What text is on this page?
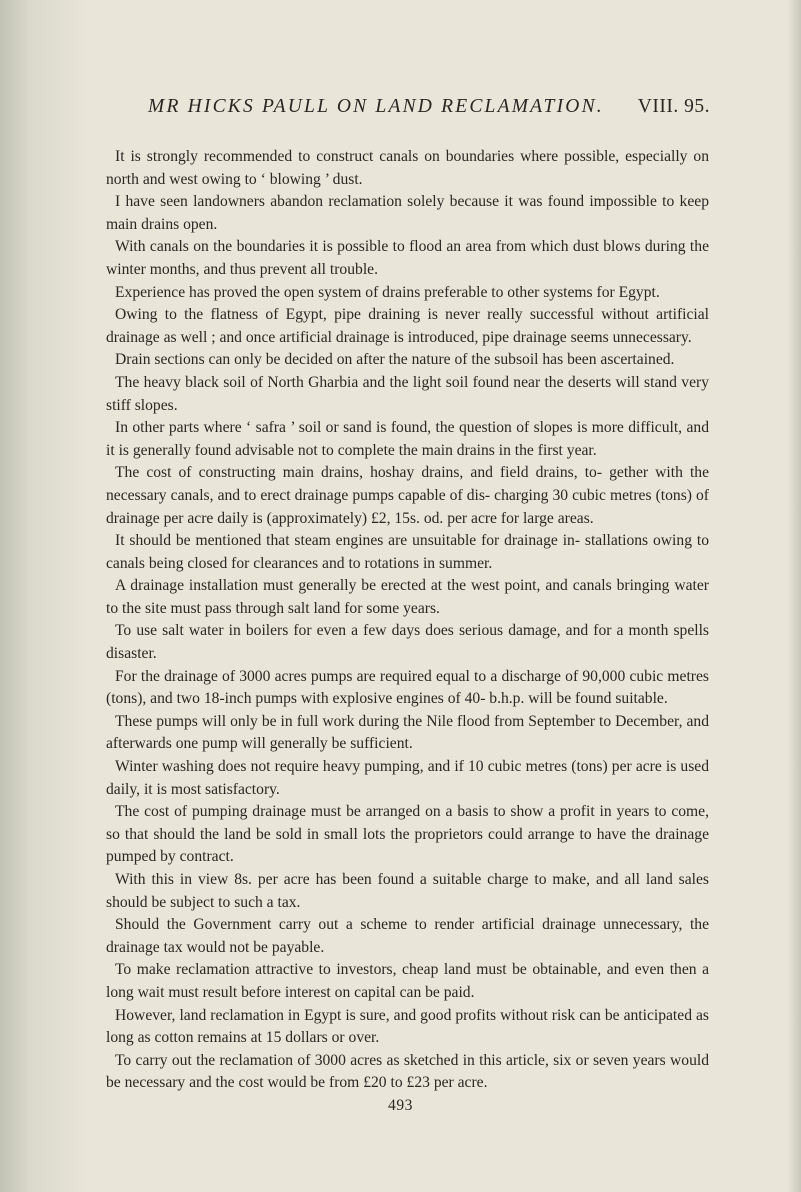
MR HICKS PAULL ON LAND RECLAMATION. VIII. 95.

It is strongly recommended to construct canals on boundaries where possible, especially on north and west owing to ‘ blowing ’ dust.

I have seen landowners abandon reclamation solely because it was found impossible to keep main drains open.

With canals on the boundaries it is possible to flood an area from which dust blows during the winter months, and thus prevent all trouble.

Experience has proved the open system of drains preferable to other systems for Egypt.

Owing to the flatness of Egypt, pipe draining is never really successful without artificial drainage as well ; and once artificial drainage is introduced, pipe drainage seems unnecessary.

Drain sections can only be decided on after the nature of the subsoil has been ascertained.

The heavy black soil of North Gharbia and the light soil found near the deserts will stand very stiff slopes.

In other parts where ‘ safra ’ soil or sand is found, the question of slopes is more difficult, and it is generally found advisable not to complete the main drains in the first year.

The cost of constructing main drains, hoshay drains, and field drains, to- gether with the necessary canals, and to erect drainage pumps capable of dis- charging 30 cubic metres (tons) of drainage per acre daily is (approximately) £2, 15s. od. per acre for large areas.

It should be mentioned that steam engines are unsuitable for drainage in- stallations owing to canals being closed for clearances and to rotations in summer.

A drainage installation must generally be erected at the west point, and canals bringing water to the site must pass through salt land for some years.

To use salt water in boilers for even a few days does serious damage, and for a month spells disaster.

For the drainage of 3000 acres pumps are required equal to a discharge of 90,000 cubic metres (tons), and two 18-inch pumps with explosive engines of 40- b.h.p. will be found suitable.

These pumps will only be in full work during the Nile flood from September to December, and afterwards one pump will generally be sufficient.

Winter washing does not require heavy pumping, and if 10 cubic metres (tons) per acre is used daily, it is most satisfactory.

The cost of pumping drainage must be arranged on a basis to show a profit in years to come, so that should the land be sold in small lots the proprietors could arrange to have the drainage pumped by contract.

With this in view 8s. per acre has been found a suitable charge to make, and all land sales should be subject to such a tax.

Should the Government carry out a scheme to render artificial drainage unnecessary, the drainage tax would not be payable.

To make reclamation attractive to investors, cheap land must be obtainable, and even then a long wait must result before interest on capital can be paid.

However, land reclamation in Egypt is sure, and good profits without risk can be anticipated as long as cotton remains at 15 dollars or over.

To carry out the reclamation of 3000 acres as sketched in this article, six or seven years would be necessary and the cost would be from £20 to £23 per acre.

493
